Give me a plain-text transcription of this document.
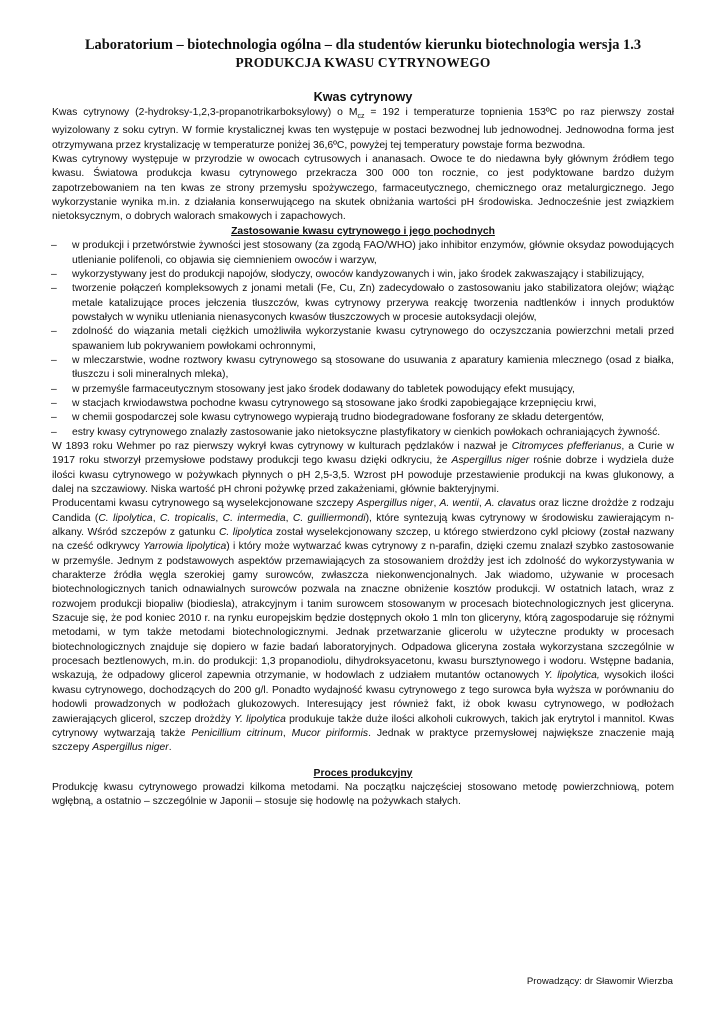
Laboratorium – biotechnologia ogólna – dla studentów kierunku biotechnologia wersja 1.3
PRODUKCJA KWASU CYTRYNOWEGO
Kwas cytrynowy

Kwas cytrynowy (2-hydroksy-1,2,3-propanotrikarboksylowy) o $M_{cz} = 192$ i temperaturze topnienia 153ºC po raz pierwszy został wyizolowany z soku cytryn. W formie krystalicznej kwas ten występuje w postaci bezwodnej lub jednowodnej. Jednowodna forma jest otrzymywana przez krystalizację w temperaturze poniżej 36,6ºC, powyżej tej temperatury powstaje forma bezwodna.

Kwas cytrynowy występuje w przyrodzie w owocach cytrusowych i ananasach. Owoce te do niedawna były głównym źródłem tego kwasu. Światowa produkcja kwasu cytrynowego przekracza 300 000 ton rocznie, co jest podyktowane bardzo dużym zapotrzebowaniem na ten kwas ze strony przemysłu spożywczego, farmaceutycznego, chemicznego oraz metalurgicznego. Jego wykorzystanie wynika m.in. z działania konserwującego na skutek obniżania wartości pH środowiska. Jednocześnie jest związkiem nietoksycznym, o dobrych walorach smakowych i zapachowych.

Zastosowanie kwasu cytrynowego i jego pochodnych

–	w produkcji i przetwórstwie żywności jest stosowany (za zgodą FAO/WHO) jako inhibitor enzymów, głównie oksydaz powodujących utlenianie polifenoli, co objawia się ciemnieniem owoców i warzyw,
–	wykorzystywany jest do produkcji napojów, słodyczy, owoców kandyzowanych i win, jako środek zakwaszający i stabilizujący,
–	tworzenie połączeń kompleksowych z jonami metali (Fe, Cu, Zn) zadecydowało o zastosowaniu jako stabilizatora olejów; wiążąc metale katalizujące proces jełczenia tłuszczów, kwas cytrynowy przerywa reakcję tworzenia nadtlenków i innych produktów powstałych w wyniku utleniania nienasyconych kwasów tłuszczowych w procesie autoksydacji olejów,
–	zdolność do wiązania metali ciężkich umożliwiła wykorzystanie kwasu cytrynowego do oczyszczania powierzchni metali przed spawaniem lub pokrywaniem powłokami ochronnymi,
–	w mleczarstwie, wodne roztwory kwasu cytrynowego są stosowane do usuwania z aparatury kamienia mlecznego (osad z białka, tłuszczu i soli mineralnych mleka),
–	w przemyśle farmaceutycznym stosowany jest jako środek dodawany do tabletek powodujący efekt musujący,
–	w stacjach krwiodawstwa pochodne kwasu cytrynowego są stosowane jako środki zapobiegające krzepnięciu krwi,
–	w chemii gospodarczej sole kwasu cytrynowego wypierają trudno biodegradowane fosforany ze składu detergentów,
–	estry kwasy cytrynowego znalazły zastosowanie jako nietoksyczne plastyfikatory w cienkich powłokach ochraniających żywność.

W 1893 roku Wehmer po raz pierwszy wykrył kwas cytrynowy w kulturach pędzlaków i nazwał je Citromyces pfefferianus, a Curie w 1917 roku stworzył przemysłowe podstawy produkcji tego kwasu dzięki odkryciu, że Aspergillus niger rośnie dobrze i wydziela duże ilości kwasu cytrynowego w pożywkach płynnych o pH 2,5-3,5. Wzrost pH powoduje przestawienie produkcji na kwas glukonowy, a dalej na szczawiowy. Niska wartość pH chroni pożywkę przed zakażeniami, głównie bakteryjnymi.

Producentami kwasu cytrynowego są wyselekcjonowane szczepy Aspergillus niger, A. wentii, A. clavatus oraz liczne drożdże z rodzaju Candida (C. lipolytica, C. tropicalis, C. intermedia, C. guilliermondi), które syntezują kwas cytrynowy w środowisku zawierającym n-alkany. Wśród szczepów z gatunku C. lipolytica został wyselekcjonowany szczep, u którego stwierdzono cykl płciowy (został nazwany na cześć odkrywcy Yarrowia lipolytica) i który może wytwarzać kwas cytrynowy z n-parafin, dzięki czemu znalazł szybko zastosowanie w przemyśle. Jednym z podstawowych aspektów przemawiających za stosowaniem drożdży jest ich zdolność do wykorzystywania w charakterze źródła węgla szerokiej gamy surowców, zwłaszcza niekonwencjonalnych. Jak wiadomo, używanie w procesach biotechnologicznych tanich odnawialnych surowców pozwala na znaczne obniżenie kosztów produkcji. W ostatnich latach, wraz z rozwojem produkcji biopaliw (biodiesla), atrakcyjnym i tanim surowcem stosowanym w procesach biotechnologicznych jest gliceryna. Szacuje się, że pod koniec 2010 r. na rynku europejskim będzie dostępnych około 1 mln ton gliceryny, którą zagospodaruje się różnymi metodami, w tym także metodami biotechnologicznymi. Jednak przetwarzanie glicerolu w użyteczne produkty w procesach biotechnologicznych znajduje się dopiero w fazie badań laboratoryjnych. Odpadowa gliceryna została wykorzystana szczególnie w procesach beztlenowych, m.in. do produkcji: 1,3 propanodiolu, dihydroksyacetonu, kwasu bursztynowego i wodoru. Wstępne badania, wskazują, że odpadowy glicerol zapewnia otrzymanie, w hodowlach z udziałem mutantów octanowych Y. lipolytica, wysokich ilości kwasu cytrynowego, dochodzących do 200 g/l. Ponadto wydajność kwasu cytrynowego z tego surowca była wyższa w porównaniu do hodowli prowadzonych w podłożach glukozowych. Interesujący jest również fakt, iż obok kwasu cytrynowego, w podłożach zawierających glicerol, szczep drożdży Y. lipolytica produkuje także duże ilości alkoholi cukrowych, takich jak erytrytol i mannitol. Kwas cytrynowy wytwarzają także Penicillium citrinum, Mucor piriformis. Jednak w praktyce przemysłowej największe znaczenie mają szczepy Aspergillus niger.

Proces produkcyjny

Produkcję kwasu cytrynowego prowadzi kilkoma metodami. Na początku najczęściej stosowano metodę powierzchniową, potem wgłębną, a ostatnio – szczególnie w Japonii – stosuje się hodowlę na pożywkach stałych.

Prowadzący: dr Sławomir Wierzba
